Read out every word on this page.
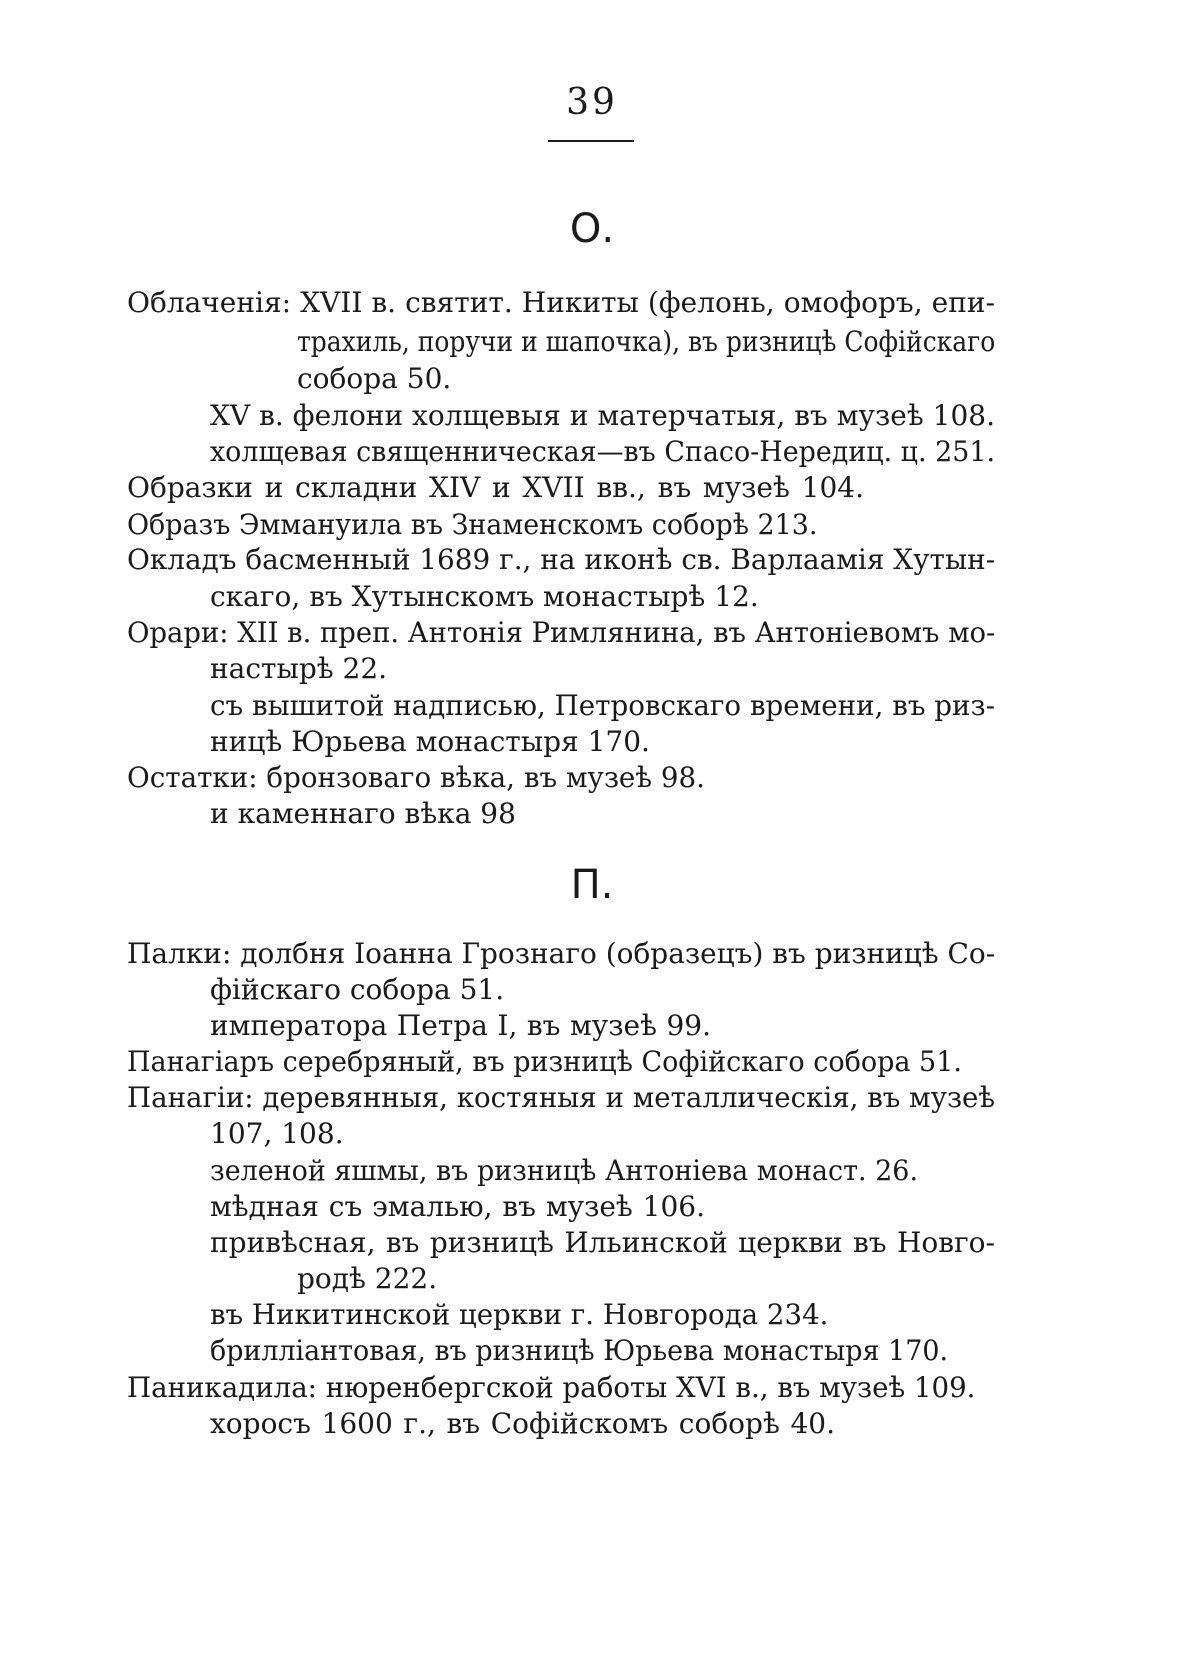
39
О.
Облаченія: XVII в. святит. Никиты (фелонь, омофоръ, епи-
трахиль, поручи и шапочка), въ ризницѣ Софійскаго
собора 50.
XV в. фелони холщевыя и матерчатыя, въ музеѣ 108.
холщевая священническая—въ Спасо-Нередиц. ц. 251.
Образки и складни XIV и XVII вв., въ музеѣ 104.
Образъ Эммануила въ Знаменскомъ соборѣ 213.
Окладъ басменный 1689 г., на иконѣ св. Варлаамія Хутын-
скаго, въ Хутынскомъ монастырѣ 12.
Орари: XII в. преп. Антонія Римлянина, въ Антоніевомъ мо-
настырѣ 22.
съ вышитой надписью, Петровскаго времени, въ риз-
ницѣ Юрьева монастыря 170.
Остатки: бронзоваго вѣка, въ музеѣ 98.
и каменнаго вѣка 98
П.
Палки: долбня Іоанна Грознаго (образецъ) въ ризницѣ Со-
фійскаго собора 51.
императора Петра I, въ музеѣ 99.
Панагіаръ серебряный, въ ризницѣ Софійскаго собора 51.
Панагіи: деревянныя, костяныя и металлическія, въ музеѣ
107, 108.
зеленой яшмы, въ ризницѣ Антоніева монаст. 26.
мѣдная съ эмалью, въ музеѣ 106.
привѣсная, въ ризницѣ Ильинской церкви въ Новго-
родѣ 222.
въ Никитинской церкви г. Новгорода 234.
брилліантовая, въ ризницѣ Юрьева монастыря 170.
Паникадила: нюренбергской работы XVI в., въ музеѣ 109.
хоросъ 1600 г., въ Софійскомъ соборѣ 40.
